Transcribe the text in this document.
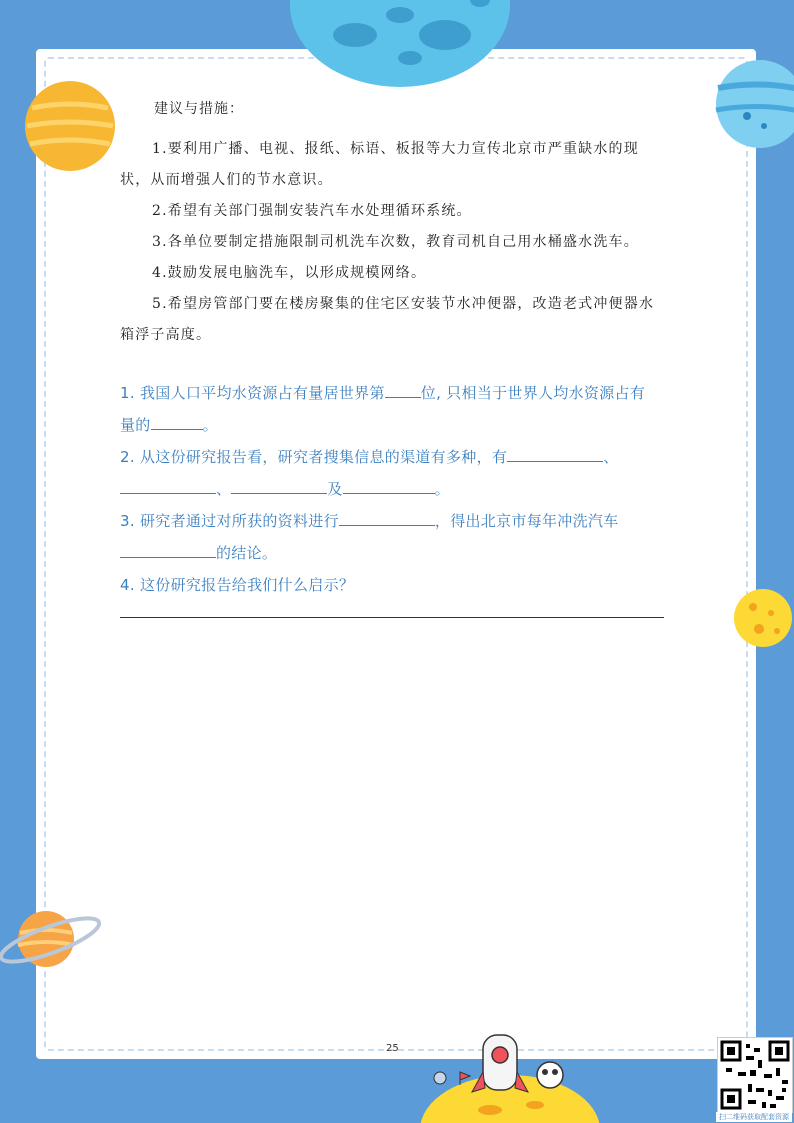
建议与措施：

1.要利用广播、电视、报纸、标语、板报等大力宣传北京市严重缺水的现状，从而增强人们的节水意识。

2.希望有关部门强制安装汽车水处理循环系统。

3.各单位要制定措施限制司机洗车次数，教育司机自己用水桶盛水洗车。

4.鼓励发展电脑洗车，以形成规模网络。

5.希望房管部门要在楼房聚集的住宅区安装节水冲便器，改造老式冲便器水箱浮子高度。

1. 我国人口平均水资源占有量居世界第 位, 只相当于世界人均水资源占有
量的	。

2. 从这份研究报告看，研究者搜集信息的渠道有多种，有	、
、	及	。

3. 研究者通过对所获的资料进行	，得出北京市每年冲洗汽车
的结论。

4. 这份研究报告给我们什么启示？

25
扫二维码获取配套资源
